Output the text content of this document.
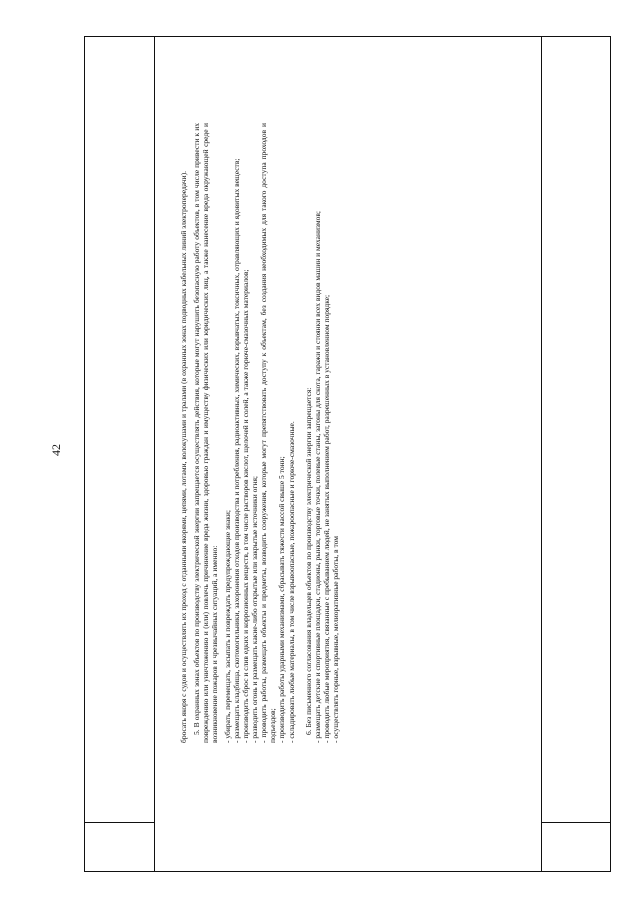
42	бросать якоря с судов и осуществлять их проход с отданными якорями, цепями, лотами, волокушами и тралами (в охранных зонах подводных кабельных линий электропередачи). 5. В охранных зонах объектов по производству электрической энергии запрещается осуществлять действия, которые могут нарушить безопасную работу объектов, в том числе привести к их повреждению или уничтожению и (или) повлечь причинение вреда жизни, здоровью граждан и имуществу физических или юридических лиц, а также нанесение вреда окружающей среде и возникновение пожаров и чрезвычайных ситуаций, а именно: - убирать, перемещать, засыпать и повреждать предупреждающие знаки; - размещать кладбища, скотомогильники, захоронения отходов производства и потребления, радиоактивных, химических, взрывчатых, токсичных, отравляющих и ядовитых веществ; - производить сброс и слив едких и коррозионных веществ, в том числе растворов кислот, щелочей и солей, а также горюче-смазочных материалов; - разводить огонь и размещать какие-либо открытые или закрытые источники огня; - проводить работы, размещать объекты и предметы, возводить сооружения, которые могут препятствовать доступу к объектам, без создания необходимых для такого доступа проходов и подъездов; - производить работы ударными механизмами, сбрасывать тяжести массой свыше 5 тонн; - складировать любые материалы, в том числе взрывоопасные, пожароопасные и горюче-смазочные. 6. Без письменного согласования владельцев объектов по производству электрической энергии запрещается: - размещать детские и спортивные площадки, стадионы, рынки, торговые точки, полевые станы, загоны для скота, гаражи и стоянки всех видов машин и механизмов; - проводить любые мероприятия, связанные с пребыванием людей, не занятых выполнением работ, разрешенных в установленном порядке; - осуществлять горные, взрывные, мелиоративные работы, в том
